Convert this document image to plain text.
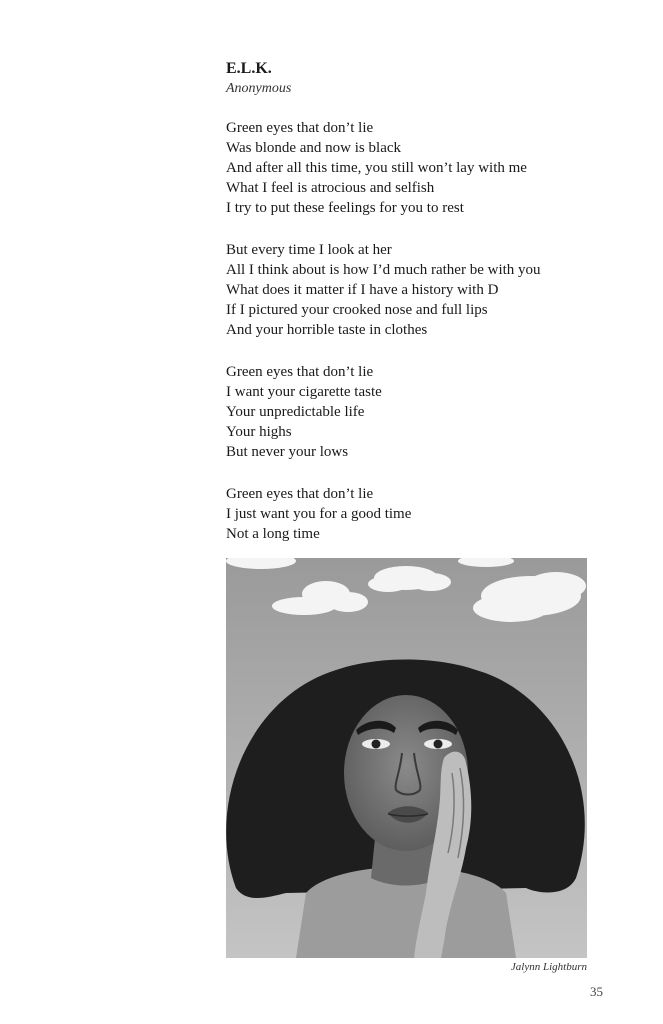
E.L.K.

Anonymous

Green eyes that don’t lie
Was blonde and now is black
And after all this time, you still won’t lay with me
What I feel is atrocious and selfish
I try to put these feelings for you to rest
But every time I look at her
All I think about is how I’d much rather be with you
What does it matter if I have a history with D
If I pictured your crooked nose and full lips
And your horrible taste in clothes
Green eyes that don’t lie
I want your cigarette taste
Your unpredictable life
Your highs
But never your lows
Green eyes that don’t lie
I just want you for a good time
Not a long time
Jalynn Lightburn
35
